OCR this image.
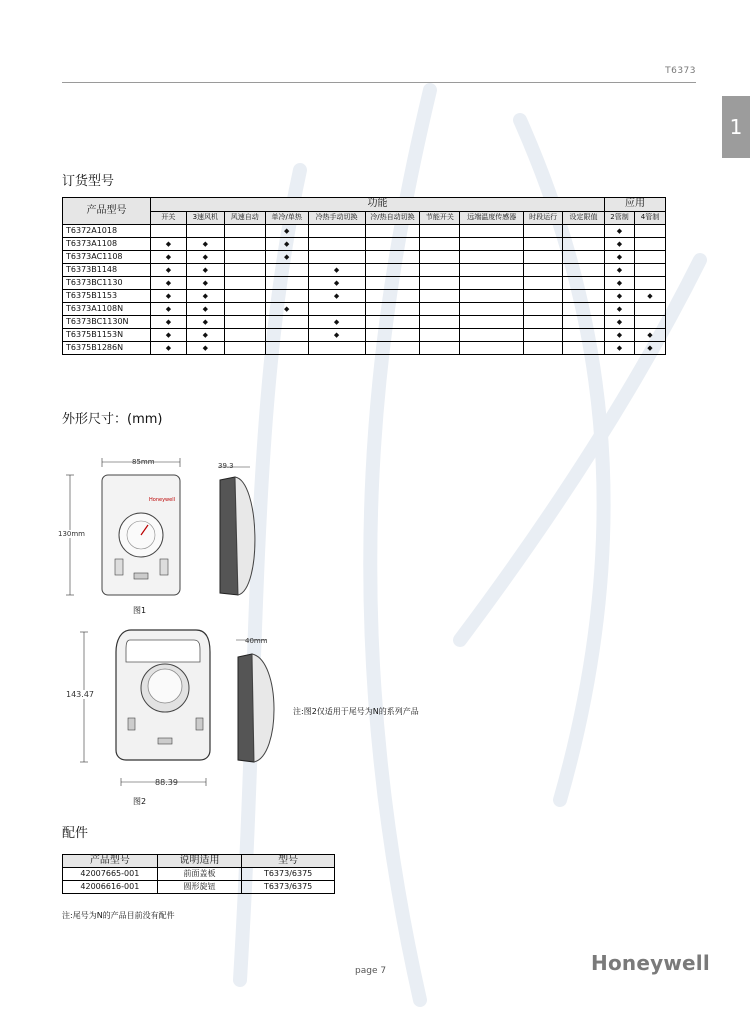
T6373
1
订货型号
产品型号	功能										应用	
	开关	3速风机	风速自动	单冷/单热	冷热手动切换	冷/热自动切换	节能开关	远端温度传感器	时段运行	设定限值	2管制	4管制
T6372A1018				◆							◆	
T6373A1108	◆	◆		◆							◆	
T6373AC1108	◆	◆		◆							◆	
T6373B1148	◆	◆			◆						◆	
T6373BC1130	◆	◆			◆						◆	
T6375B1153	◆	◆			◆						◆	◆
T6373A1108N	◆	◆		◆							◆	
T6373BC1130N	◆	◆			◆						◆	
T6375B1153N	◆	◆			◆						◆	◆
T6375B1286N	◆	◆									◆	◆
外形尺寸：(mm)
85mm	39.3
130mm
Honeywell
图1
143.47
40mm
88.39
图2
注:图2仅适用于尾号为N的系列产品
配件
产品型号	说明适用	型号
42007665-001	前面盖板	T6373/6375
42006616-001	圆形旋钮	T6373/6375
注:尾号为N的产品目前没有配件
page 7	Honeywell
